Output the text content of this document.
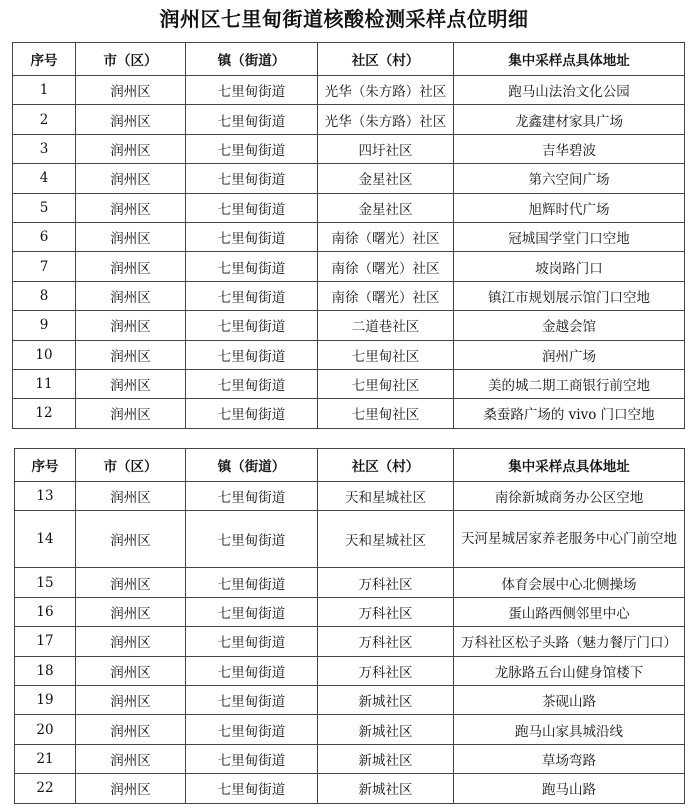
润州区七里甸街道核酸检测采样点位明细
序号	市（区）	镇（街道）	社区（村）	集中采样点具体地址
1	润州区	七里甸街道	光华（朱方路）社区	跑马山法治文化公园
2	润州区	七里甸街道	光华（朱方路）社区	龙鑫建材家具广场
3	润州区	七里甸街道	四圩社区	吉华碧波
4	润州区	七里甸街道	金星社区	第六空间广场
5	润州区	七里甸街道	金星社区	旭辉时代广场
6	润州区	七里甸街道	南徐（曙光）社区	冠城国学堂门口空地
7	润州区	七里甸街道	南徐（曙光）社区	坡岗路门口
8	润州区	七里甸街道	南徐（曙光）社区	镇江市规划展示馆门口空地
9	润州区	七里甸街道	二道巷社区	金越会馆
10	润州区	七里甸街道	七里甸社区	润州广场
11	润州区	七里甸街道	七里甸社区	美的城二期工商银行前空地
12	润州区	七里甸街道	七里甸社区	桑蚕路广场的 vivo 门口空地
序号	市（区）	镇（街道）	社区（村）	集中采样点具体地址
13	润州区	七里甸街道	天和星城社区	南徐新城商务办公区空地
14	润州区	七里甸街道	天和星城社区	天河星城居家养老服务中心门前空地
15	润州区	七里甸街道	万科社区	体育会展中心北侧操场
16	润州区	七里甸街道	万科社区	蛋山路西侧邻里中心
17	润州区	七里甸街道	万科社区	万科社区松子头路（魅力餐厅门口）
18	润州区	七里甸街道	万科社区	龙脉路五台山健身馆楼下
19	润州区	七里甸街道	新城社区	茶砚山路
20	润州区	七里甸街道	新城社区	跑马山家具城沿线
21	润州区	七里甸街道	新城社区	草场弯路
22	润州区	七里甸街道	新城社区	跑马山路
